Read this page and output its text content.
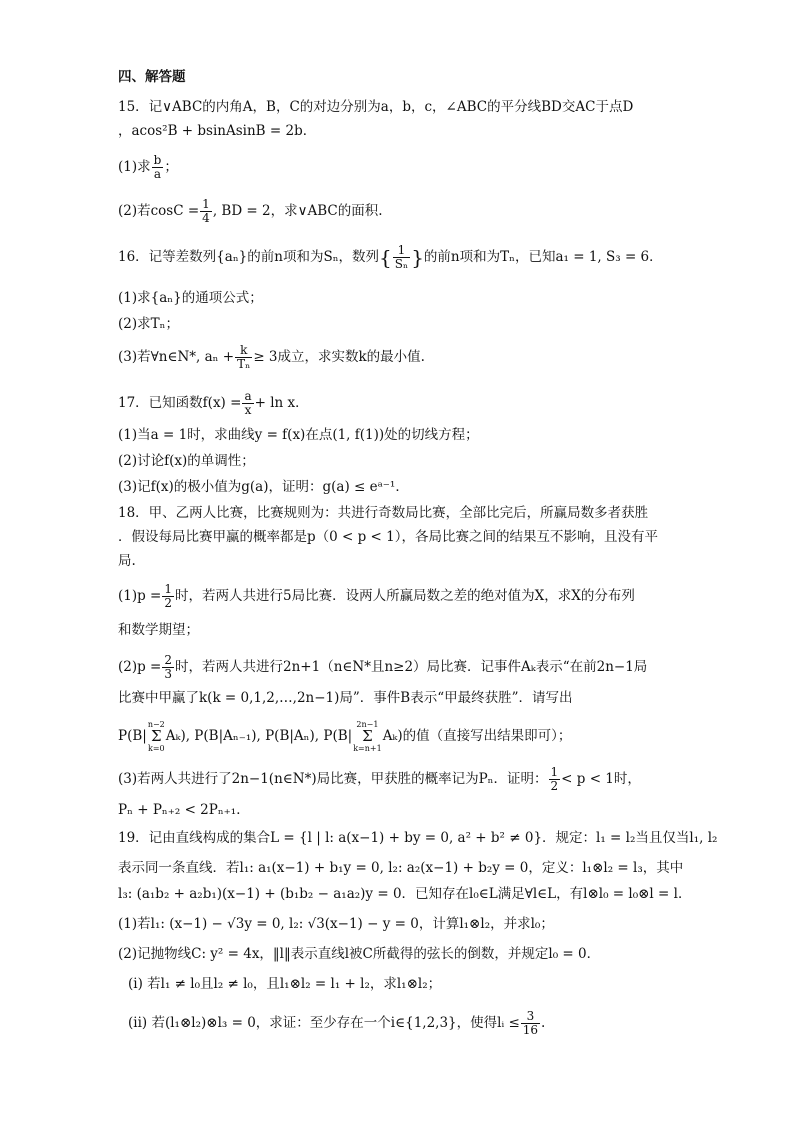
四、解答题
15．记∨ABC的内角A，B，C的对边分别为a，b，c，∠ABC的平分线BD交AC于点D
，acos²B + bsinAsinB = 2b．
(1)求 $\frac{b}{a}$ ；
(2)若$\cos C = \frac{1}{4}$ , BD = 2，求∨ABC的面积.
16．记等差数列{aₙ}的前n项和为Sₙ，数列{ $\frac{1}{\text{Sₙ}}$ }的前n项和为Tₙ，已知a₁ = 1, S₃ = 6．
(1)求{aₙ}的通项公式；
(2)求Tₙ；
(3)若∀n∈N*, $a_n + \frac{k}{\text{Tₙ}} \ge 3$成立，求实数k的最小值.
17．已知函数$f(x) = \frac{a}{x} + \ln x$．
(1)当a = 1时，求曲线y = f(x)在点(1, f(1))处的切线方程；
(2)讨论f(x)的单调性；
(3)记f(x)的极小值为g(a)，证明：g(a) ≤ eᵃ⁻¹．
18．甲、乙两人比赛，比赛规则为：共进行奇数局比赛，全部比完后，所赢局数多者获胜
．假设每局比赛甲赢的概率都是p（0 < p < 1），各局比赛之间的结果互不影响，且没有平
局.
$(1)p = \frac{1}{2}$ 时，若两人共进行5局比赛．设两人所赢局数之差的绝对值为X，求X的分布列
和数学期望；
$(2)p = \frac{2}{3}$ 时，若两人共进行2n+1（n∈N*且n≥2）局比赛．记事件Aₖ表示“在前2n−1局
比赛中甲赢了k(k = 0,1,2,…,2n−1)局”．事件B表示“甲最终获胜”．请写出
P(B|n−2
Σ
k=0Aₖ), P(B|Aₙ₋₁), P(B|Aₙ), P(B|2n−1
Σ
k=n+1Aₖ)的值（直接写出结果即可）；
(3)若两人共进行了2n−1(n∈N*)局比赛，甲获胜的概率记为Pₙ．证明： $\frac{1}{2} < p < 1$时，
Pₙ + Pₙ₊₂ < 2Pₙ₊₁．
19．记由直线构成的集合L = {l | l: a(x−1) + by = 0, a² + b² ≠ 0}．规定：l₁ = l₂当且仅当l₁, l₂
表示同一条直线．若l₁: a₁(x−1) + b₁y = 0, l₂: a₂(x−1) + b₂y = 0，定义：l₁⊗l₂ = l₃，其中
l₃: (a₁b₂ + a₂b₁)(x−1) + (b₁b₂ − a₁a₂)y = 0．已知存在l₀∈L满足∀l∈L，有l⊗l₀ = l₀⊗l = l．
(1)若l₁: (x−1) − √3y = 0, l₂: √3(x−1) − y = 0，计算l₁⊗l₂，并求l₀；
(2)记抛物线C: y² = 4x，‖l‖表示直线l被C所截得的弦长的倒数，并规定l₀ = 0．
(i) 若l₁ ≠ l₀且l₂ ≠ l₀，且l₁⊗l₂ = l₁ + l₂，求l₁⊗l₂；
(ii) 若(l₁⊗l₂)⊗l₃ = 0，求证：至少存在一个i∈{1,2,3}，使得lᵢ ≤ $\frac{3}{16}$ .
